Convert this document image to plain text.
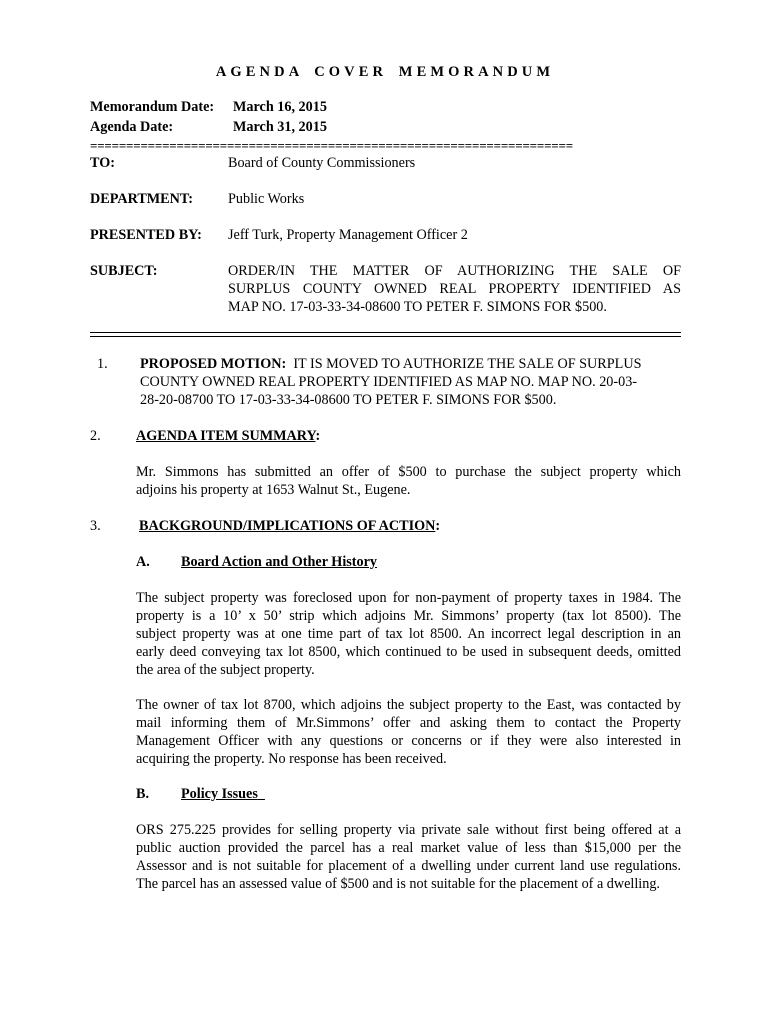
AGENDA COVER MEMORANDUM
Memorandum Date: March 16, 2015
Agenda Date:	March 31, 2015
===================================================================
TO:	Board of County Commissioners
DEPARTMENT: Public Works
PRESENTED BY: Jeff Turk, Property Management Officer 2
SUBJECT:	ORDER/IN THE MATTER OF AUTHORIZING THE SALE OF
SURPLUS COUNTY OWNED REAL PROPERTY IDENTIFIED AS
MAP NO. 17-03-33-34-08600 TO PETER F. SIMONS FOR $500.
1. PROPOSED MOTION: IT IS MOVED TO AUTHORIZE THE SALE OF SURPLUS
COUNTY OWNED REAL PROPERTY IDENTIFIED AS MAP NO. MAP NO. 20-03-
28-20-08700 TO 17-03-33-34-08600 TO PETER F. SIMONS FOR $500.
2. AGENDA ITEM SUMMARY:
Mr. Simmons has submitted an offer of $500 to purchase the subject property which
adjoins his property at 1653 Walnut St., Eugene.
3.	BACKGROUND/IMPLICATIONS OF ACTION:
A. Board Action and Other History
The subject property was foreclosed upon for non-payment of property taxes in 1984. The
property is a 10’ x 50’ strip which adjoins Mr. Simmons’ property (tax lot 8500). The
subject property was at one time part of tax lot 8500. An incorrect legal description in an
early deed conveying tax lot 8500, which continued to be used in subsequent deeds, omitted
the area of the subject property.
The owner of tax lot 8700, which adjoins the subject property to the East, was contacted by
mail informing them of Mr.Simmons’ offer and asking them to contact the Property
Management Officer with any questions or concerns or if they were also interested in
acquiring the property. No response has been received.
B. Policy Issues
ORS 275.225 provides for selling property via private sale without first being offered at a
public auction provided the parcel has a real market value of less than $15,000 per the
Assessor and is not suitable for placement of a dwelling under current land use regulations.
The parcel has an assessed value of $500 and is not suitable for the placement of a dwelling.
